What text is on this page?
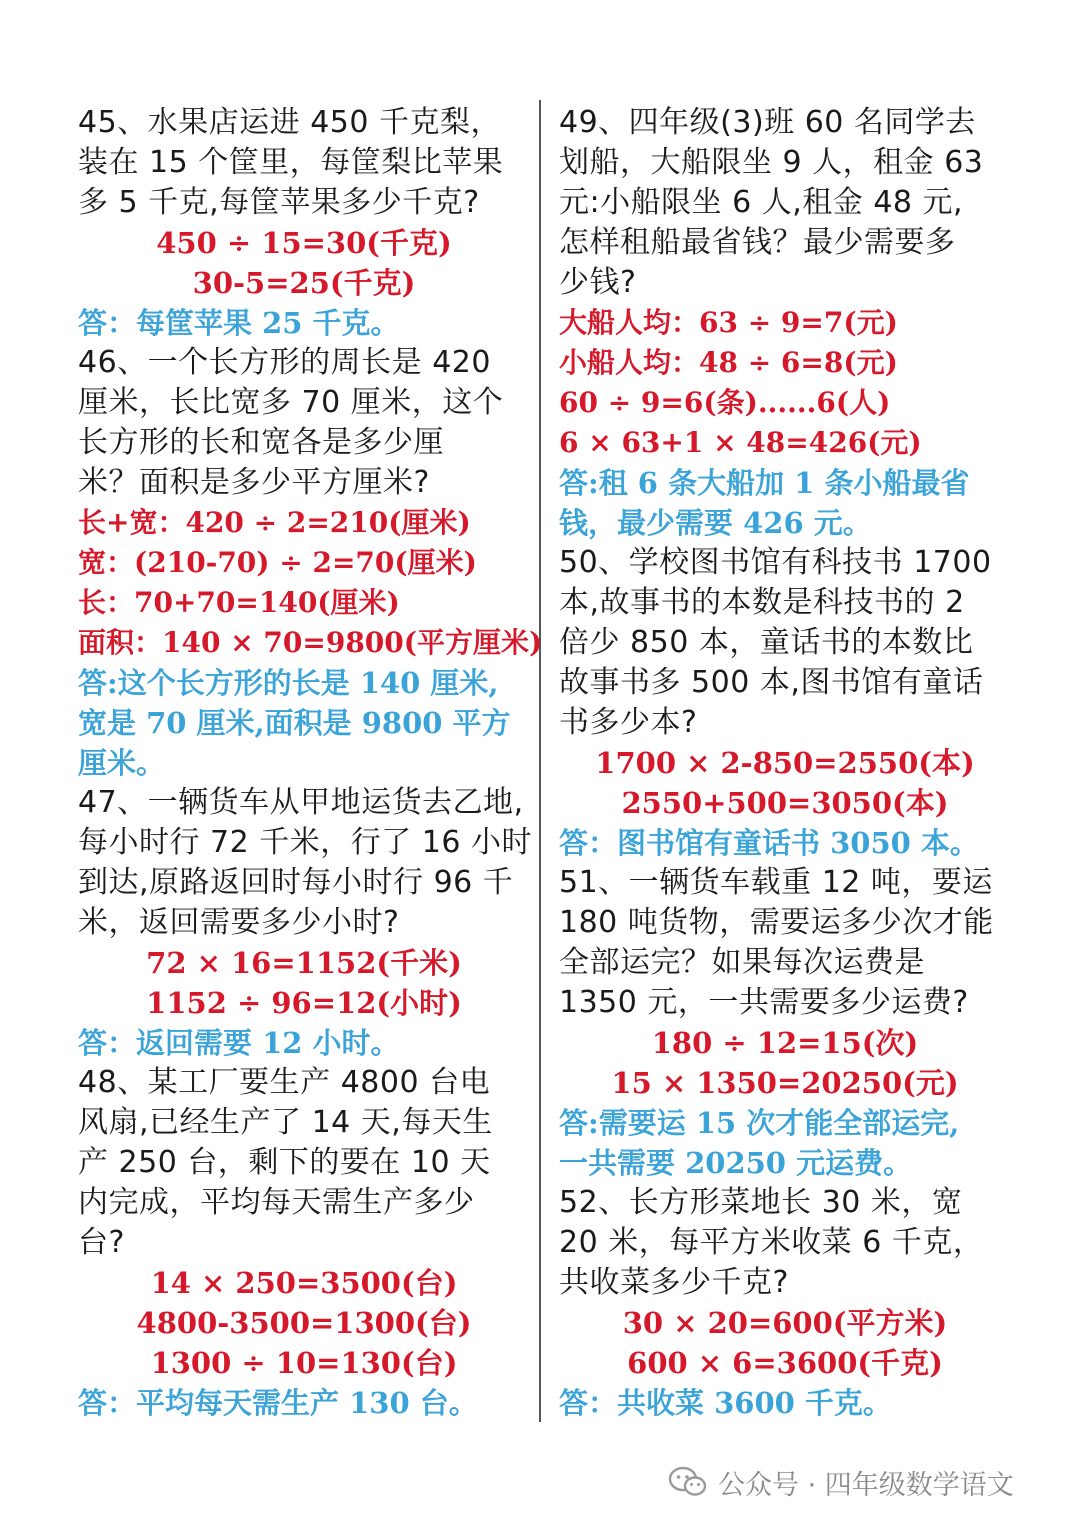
45、水果店运进 450 千克梨，
装在 15 个筐里，每筐梨比苹果
多 5 千克,每筐苹果多少千克?
450 ÷ 15=30(千克)
30-5=25(千克)
答：每筐苹果 25 千克。
46、一个长方形的周长是 420
厘米，长比宽多 70 厘米，这个
长方形的长和宽各是多少厘
米？面积是多少平方厘米?
长+宽：420 ÷ 2=210(厘米)
宽：(210-70) ÷ 2=70(厘米)
长：70+70=140(厘米)
面积：140 × 70=9800(平方厘米)
答:这个长方形的长是 140 厘米,
宽是 70 厘米,面积是 9800 平方
厘米。
47、一辆货车从甲地运货去乙地,
每小时行 72 千米，行了 16 小时
到达,原路返回时每小时行 96 千
米，返回需要多少小时?
72 × 16=1152(千米)
1152 ÷ 96=12(小时)
答：返回需要 12 小时。
48、某工厂要生产 4800 台电
风扇,已经生产了 14 天,每天生
产 250 台，剩下的要在 10 天
内完成，平均每天需生产多少
台?
14 × 250=3500(台)
4800-3500=1300(台)
1300 ÷ 10=130(台)
答：平均每天需生产 130 台。
49、四年级(3)班 60 名同学去
划船，大船限坐 9 人，租金 63
元:小船限坐 6 人,租金 48 元,
怎样租船最省钱？最少需要多
少钱?
大船人均：63 ÷ 9=7(元)
小船人均：48 ÷ 6=8(元)
60 ÷ 9=6(条)......6(人)
6 × 63+1 × 48=426(元)
答:租 6 条大船加 1 条小船最省
钱，最少需要 426 元。
50、学校图书馆有科技书 1700
本,故事书的本数是科技书的 2
倍少 850 本，童话书的本数比
故事书多 500 本,图书馆有童话
书多少本?
1700 × 2-850=2550(本)
2550+500=3050(本)
答：图书馆有童话书 3050 本。
51、一辆货车载重 12 吨，要运
180 吨货物，需要运多少次才能
全部运完？如果每次运费是
1350 元，一共需要多少运费?
180 ÷ 12=15(次)
15 × 1350=20250(元)
答:需要运 15 次才能全部运完,
一共需要 20250 元运费。
52、长方形菜地长 30 米，宽
20 米，每平方米收菜 6 千克，
共收菜多少千克?
30 × 20=600(平方米)
600 × 6=3600(千克)
答：共收菜 3600 千克。
公众号 · 四年级数学语文
